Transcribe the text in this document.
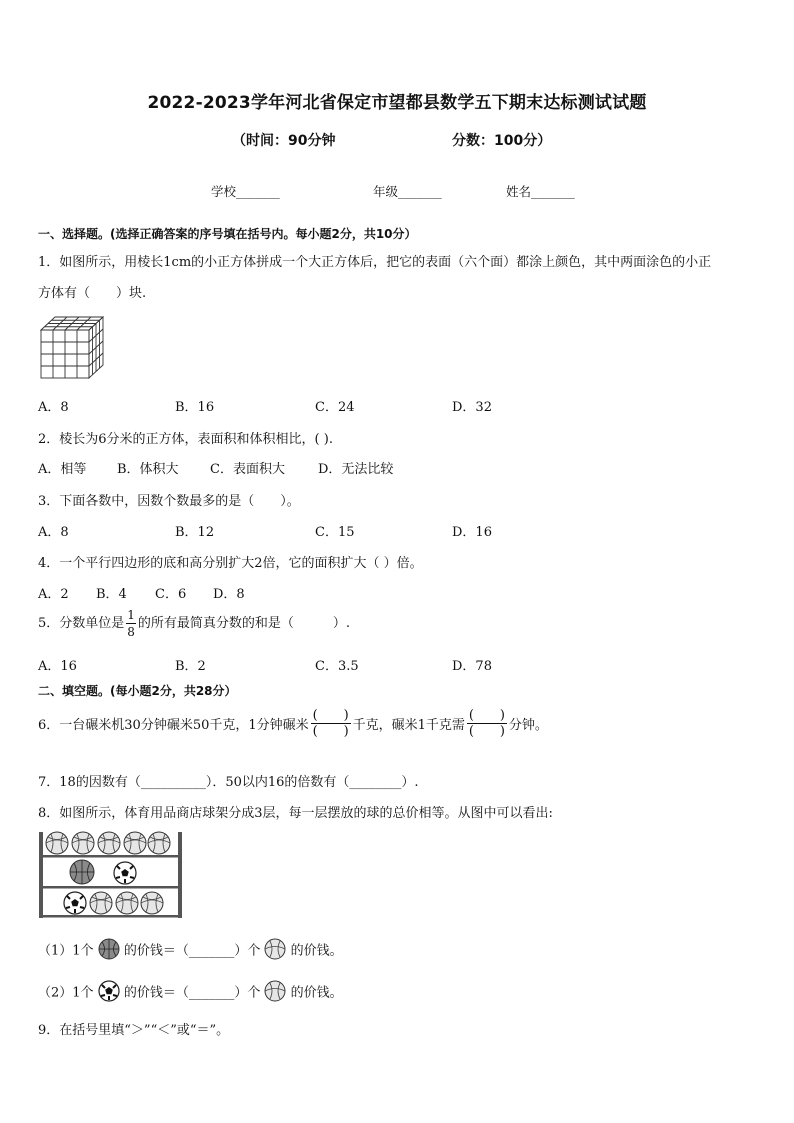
2022-2023学年河北省保定市望都县数学五下期末达标测试试题
（时间：90分钟	分数：100分）
学校_______	年级_______	姓名_______
一、选择题。(选择正确答案的序号填在括号内。每小题2分，共10分）
1．如图所示，用棱长1cm的小正方体拼成一个大正方体后，把它的表面（六个面）都涂上颜色，其中两面涂色的小正
方体有（　　）块.
A．8	B．16	C．24	D．32
2．棱长为6分米的正方体，表面积和体积相比，( ).
A．相等 B．体积大 C．表面积大	D．无法比较
3．下面各数中，因数个数最多的是（　　）。
A．8	B．12	C．15	D．16
4．一个平行四边形的底和高分别扩大2倍，它的面积扩大（ ）倍。
A．2 B．4 C．6 D．8
5．分数单位是 $\frac{1}{8}$ 的所有最简真分数的和是（　　　）.
A．16	B．2	C．3.5	D．78
二、填空题。(每小题2分，共28分）
6．一台碾米机30分钟碾米50千克，1分钟碾米 $\frac{( )}{( )}$ 千克，碾米1千克需 $\frac{( )}{( )}$ 分钟。
7．18的因数有（__________）．50以内16的倍数有（________）.
8．如图所示，体育用品商店球架分成3层，每一层摆放的球的总价相等。从图中可以看出:
（1）1个 的价钱＝（_______）个 的价钱。
（2）1个 的价钱＝（_______）个 的价钱。
9．在括号里填“＞”“＜”或“＝”。
